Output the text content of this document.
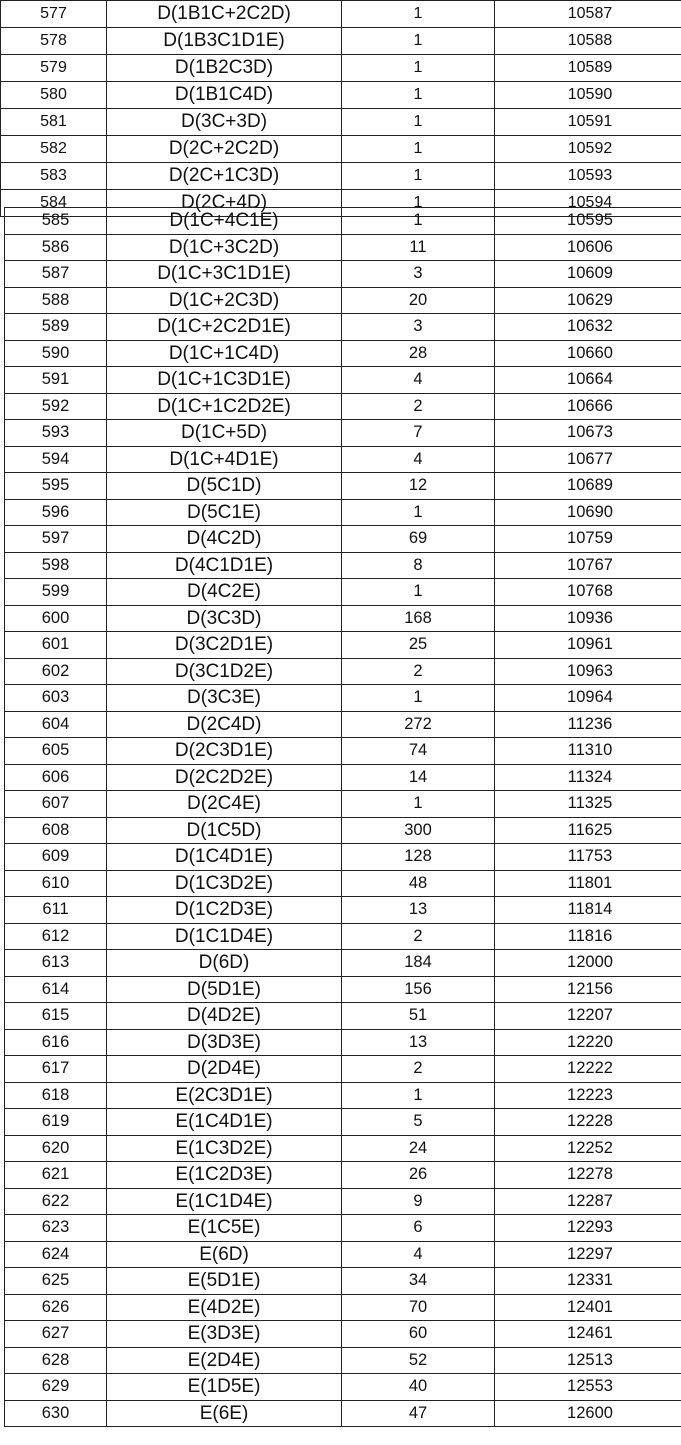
577	D(1B1C+2C2D)	1	10587
578	D(1B3C1D1E)	1	10588
579	D(1B2C3D)	1	10589
580	D(1B1C4D)	1	10590
581	D(3C+3D)	1	10591
582	D(2C+2C2D)	1	10592
583	D(2C+1C3D)	1	10593
584	D(2C+4D)	1	10594
585	D(1C+4C1E)	1	10595
586	D(1C+3C2D)	11	10606
587	D(1C+3C1D1E)	3	10609
588	D(1C+2C3D)	20	10629
589	D(1C+2C2D1E)	3	10632
590	D(1C+1C4D)	28	10660
591	D(1C+1C3D1E)	4	10664
592	D(1C+1C2D2E)	2	10666
593	D(1C+5D)	7	10673
594	D(1C+4D1E)	4	10677
595	D(5C1D)	12	10689
596	D(5C1E)	1	10690
597	D(4C2D)	69	10759
598	D(4C1D1E)	8	10767
599	D(4C2E)	1	10768
600	D(3C3D)	168	10936
601	D(3C2D1E)	25	10961
602	D(3C1D2E)	2	10963
603	D(3C3E)	1	10964
604	D(2C4D)	272	11236
605	D(2C3D1E)	74	11310
606	D(2C2D2E)	14	11324
607	D(2C4E)	1	11325
608	D(1C5D)	300	11625
609	D(1C4D1E)	128	11753
610	D(1C3D2E)	48	11801
611	D(1C2D3E)	13	11814
612	D(1C1D4E)	2	11816
613	D(6D)	184	12000
614	D(5D1E)	156	12156
615	D(4D2E)	51	12207
616	D(3D3E)	13	12220
617	D(2D4E)	2	12222
618	E(2C3D1E)	1	12223
619	E(1C4D1E)	5	12228
620	E(1C3D2E)	24	12252
621	E(1C2D3E)	26	12278
622	E(1C1D4E)	9	12287
623	E(1C5E)	6	12293
624	E(6D)	4	12297
625	E(5D1E)	34	12331
626	E(4D2E)	70	12401
627	E(3D3E)	60	12461
628	E(2D4E)	52	12513
629	E(1D5E)	40	12553
630	E(6E)	47	12600
